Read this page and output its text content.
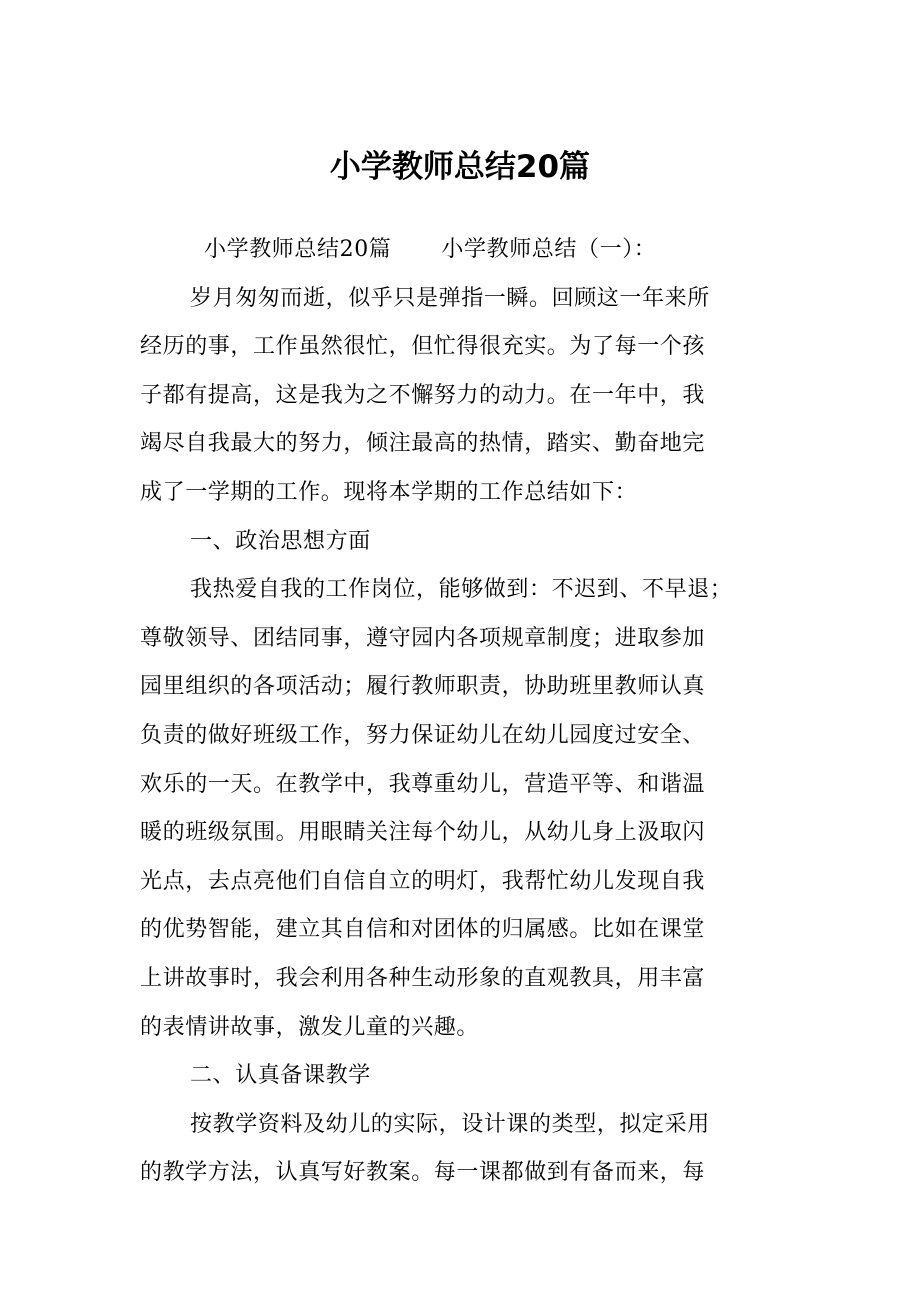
小学教师总结20篇
小学教师总结20篇 小学教师总结（一）：
岁月匆匆而逝，似乎只是弹指一瞬。回顾这一年来所
经历的事，工作虽然很忙，但忙得很充实。为了每一个孩
子都有提高，这是我为之不懈努力的动力。在一年中，我
竭尽自我最大的努力，倾注最高的热情，踏实、勤奋地完
成了一学期的工作。现将本学期的工作总结如下：
一、政治思想方面
我热爱自我的工作岗位，能够做到：不迟到、不早退；
尊敬领导、团结同事，遵守园内各项规章制度；进取参加
园里组织的各项活动；履行教师职责，协助班里教师认真
负责的做好班级工作，努力保证幼儿在幼儿园度过安全、
欢乐的一天。在教学中，我尊重幼儿，营造平等、和谐温
暖的班级氛围。用眼睛关注每个幼儿，从幼儿身上汲取闪
光点，去点亮他们自信自立的明灯，我帮忙幼儿发现自我
的优势智能，建立其自信和对团体的归属感。比如在课堂
上讲故事时，我会利用各种生动形象的直观教具，用丰富
的表情讲故事，激发儿童的兴趣。
二、认真备课教学
按教学资料及幼儿的实际，设计课的类型，拟定采用
的教学方法，认真写好教案。每一课都做到有备而来，每
